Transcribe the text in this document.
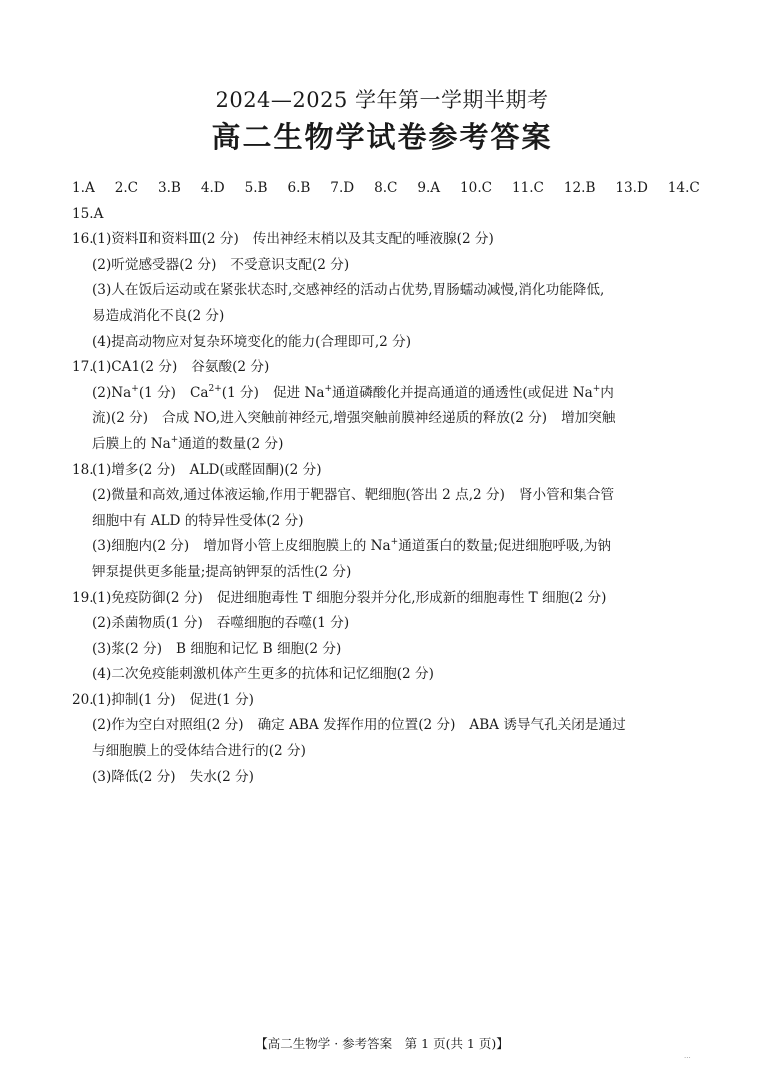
2024—2025 学年第一学期半期考
高二生物学试卷参考答案
1.A 2.C 3.B 4.D 5.B 6.B 7.D 8.C 9.A 10.C 11.C 12.B 13.D 14.C
15.A
16.(1)资料Ⅱ和资料Ⅲ(2 分) 传出神经末梢以及其支配的唾液腺(2 分)
(2)听觉感受器(2 分) 不受意识支配(2 分)
(3)人在饭后运动或在紧张状态时,交感神经的活动占优势,胃肠蠕动减慢,消化功能降低,
易造成消化不良(2 分)
(4)提高动物应对复杂环境变化的能力(合理即可,2 分)
17.(1)CA1(2 分) 谷氨酸(2 分)
(2)Na+(1 分) $Ca^{2+}(1$ 分) 促进 Na+通道磷酸化并提高通道的通透性(或促进 Na+内
流)(2 分) 合成 NO,进入突触前神经元,增强突触前膜神经递质的释放(2 分) 增加突触
后膜上的 Na+通道的数量(2 分)
18.(1)增多(2 分) ALD(或醛固酮)(2 分)
(2)微量和高效,通过体液运输,作用于靶器官、靶细胞(答出 2 点,2 分) 肾小管和集合管
细胞中有 ALD 的特异性受体(2 分)
(3)细胞内(2 分) 增加肾小管上皮细胞膜上的 Na+通道蛋白的数量;促进细胞呼吸,为钠
钾泵提供更多能量;提高钠钾泵的活性(2 分)
19.(1)免疫防御(2 分) 促进细胞毒性 T 细胞分裂并分化,形成新的细胞毒性 T 细胞(2 分)
(2)杀菌物质(1 分) 吞噬细胞的吞噬(1 分)
(3)浆(2 分) B 细胞和记忆 B 细胞(2 分)
(4)二次免疫能刺激机体产生更多的抗体和记忆细胞(2 分)
20.(1)抑制(1 分) 促进(1 分)
(2)作为空白对照组(2 分) 确定 ABA 发挥作用的位置(2 分) ABA 诱导气孔关闭是通过
与细胞膜上的受体结合进行的(2 分)
(3)降低(2 分) 失水(2 分)
【高二生物学 · 参考答案　第 1 页(共 1 页)】
...
